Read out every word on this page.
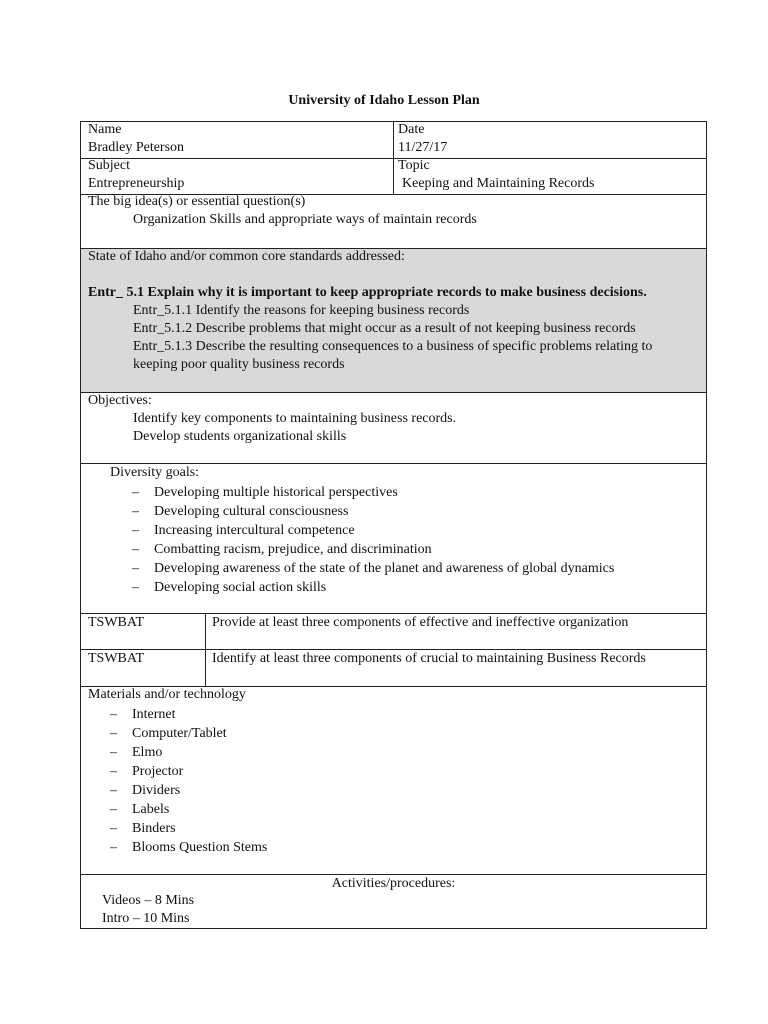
University of Idaho Lesson Plan
Name
Bradley Peterson
Date
11/27/17
Subject
Entrepreneurship
Topic
Keeping and Maintaining Records
The big idea(s) or essential question(s)
Organization Skills and appropriate ways of maintain records
State of Idaho and/or common core standards addressed:
Entr_ 5.1 Explain why it is important to keep appropriate records to make business decisions.
Entr_5.1.1 Identify the reasons for keeping business records
Entr_5.1.2 Describe problems that might occur as a result of not keeping business records
Entr_5.1.3 Describe the resulting consequences to a business of specific problems relating to
keeping poor quality business records
Objectives:
Identify key components to maintaining business records.
Develop students organizational skills
Diversity goals:
– Developing multiple historical perspectives
– Developing cultural consciousness
– Increasing intercultural competence
– Combatting racism, prejudice, and discrimination
– Developing awareness of the state of the planet and awareness of global dynamics
– Developing social action skills
TSWBAT	Provide at least three components of effective and ineffective organization
TSWBAT	Identify at least three components of crucial to maintaining Business Records
Materials and/or technology
– Internet
– Computer/Tablet
– Elmo
– Projector
– Dividers
– Labels
– Binders
– Blooms Question Stems
Activities/procedures:
Videos – 8 Mins
Intro – 10 Mins
